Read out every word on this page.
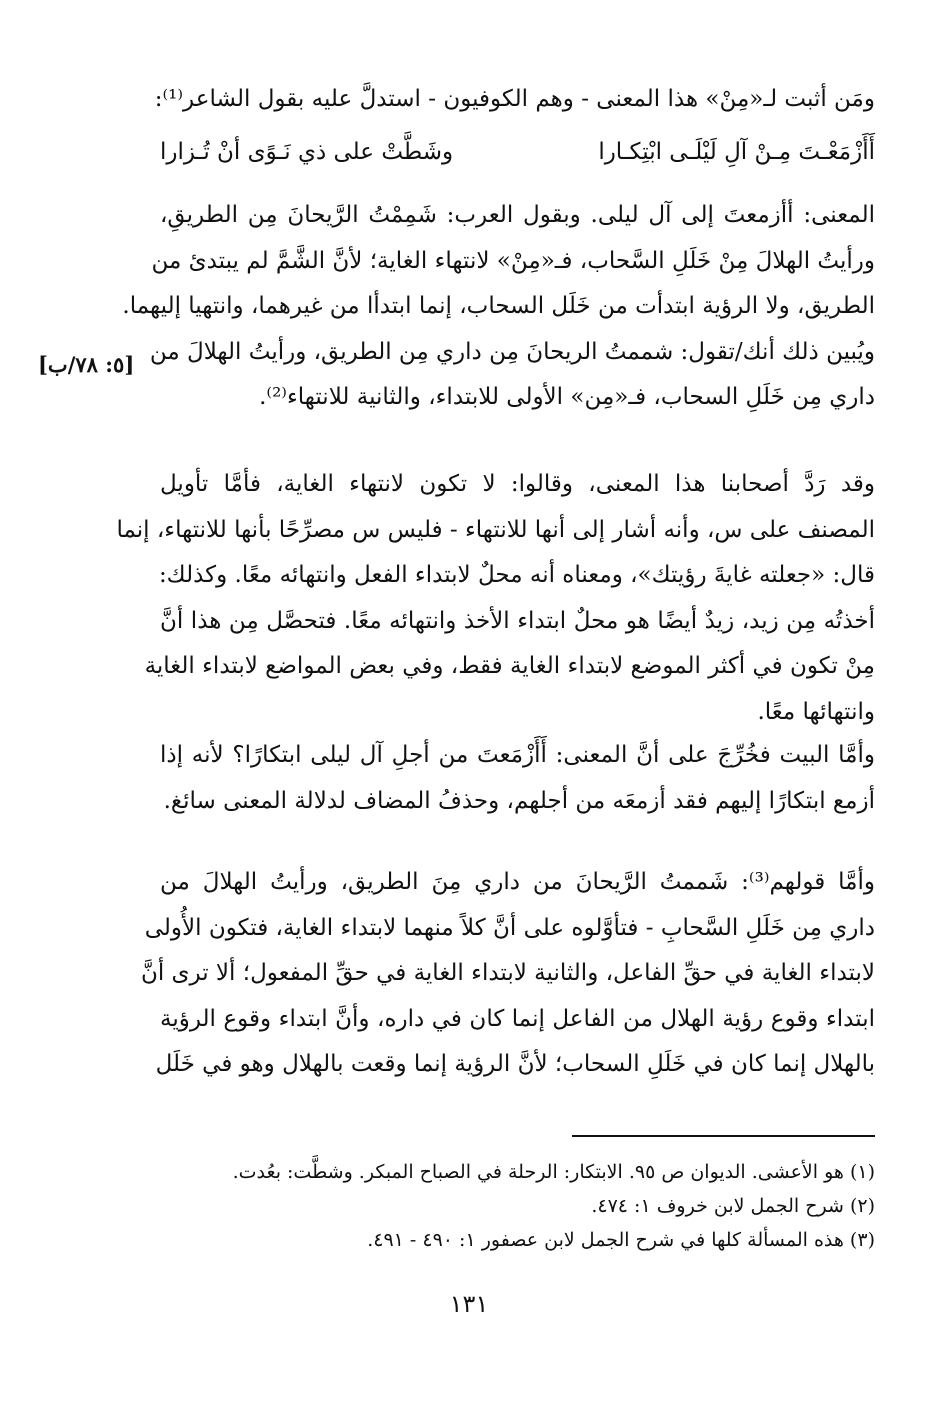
ومَن أثبت لـ«مِنْ» هذا المعنى - وهم الكوفيون - استدلَّ عليه بقول الشاعر⁽¹⁾:
أَأَزْمَعْـتَ مِـنْ آلِ لَيْلَـى ابْتِكـارا
وشَطَّتْ على ذي نَـوًى أنْ تُـزارا
المعنى: أأزمعتَ إلى آل ليلى. وبقول العرب: شَمِمْتُ الرَّيحانَ مِن الطريقِ،
ورأيتُ الهلالَ مِنْ خَلَلِ السَّحاب، فـ«مِنْ» لانتهاء الغاية؛ لأنَّ الشَّمَّ لم يبتدئ من
الطريق، ولا الرؤية ابتدأت من خَلَل السحاب، إنما ابتدأا من غيرهما، وانتهيا إليهما.
ويُبين ذلك أنك/تقول: شممتُ الريحانَ مِن داري مِن الطريق، ورأيتُ الهلالَ من
داري مِن خَلَلِ السحاب، فـ«مِن» الأولى للابتداء، والثانية للانتهاء⁽²⁾.
[٥: ٧٨/ب]
وقد رَدَّ أصحابنا هذا المعنى، وقالوا: لا تكون لانتهاء الغاية، فأمَّا تأويل
المصنف على س، وأنه أشار إلى أنها للانتهاء - فليس س مصرِّحًا بأنها للانتهاء، إنما
قال: «جعلته غايةَ رؤيتك»، ومعناه أنه محلٌ لابتداء الفعل وانتهائه معًا. وكذلك:
أخذتُه مِن زيد، زيدٌ أيضًا هو محلٌ ابتداء الأخذ وانتهائه معًا. فتحصَّل مِن هذا أنَّ
مِنْ تكون في أكثر الموضع لابتداء الغاية فقط، وفي بعض المواضع لابتداء الغاية
وانتهائها معًا.
وأمَّا البيت فخُرِّجَ على أنَّ المعنى: أَأَزْمَعتَ من أجلِ آل ليلى ابتكارًا؟ لأنه إذا
أزمع ابتكارًا إليهم فقد أزمعَه من أجلهم، وحذفُ المضاف لدلالة المعنى سائغ.
وأمَّا قولهم⁽³⁾: شَممتُ الرَّيحانَ من داري مِنَ الطريق، ورأيتُ الهلالَ من
داري مِن خَلَلِ السَّحابِ - فتأوَّلوه على أنَّ كلاً منهما لابتداء الغاية، فتكون الأُولى
لابتداء الغاية في حقِّ الفاعل، والثانية لابتداء الغاية في حقِّ المفعول؛ ألا ترى أنَّ
ابتداء وقوع رؤية الهلال من الفاعل إنما كان في داره، وأنَّ ابتداء وقوع الرؤية
بالهلال إنما كان في خَلَلِ السحاب؛ لأنَّ الرؤية إنما وقعت بالهلال وهو في خَلَل
(١) هو الأعشى. الديوان ص ٩٥. الابتكار: الرحلة في الصباح المبكر. وشطَّت: بعُدت.
(٢) شرح الجمل لابن خروف ١: ٤٧٤.
(٣) هذه المسألة كلها في شرح الجمل لابن عصفور ١: ٤٩٠ - ٤٩١.
١٣١
